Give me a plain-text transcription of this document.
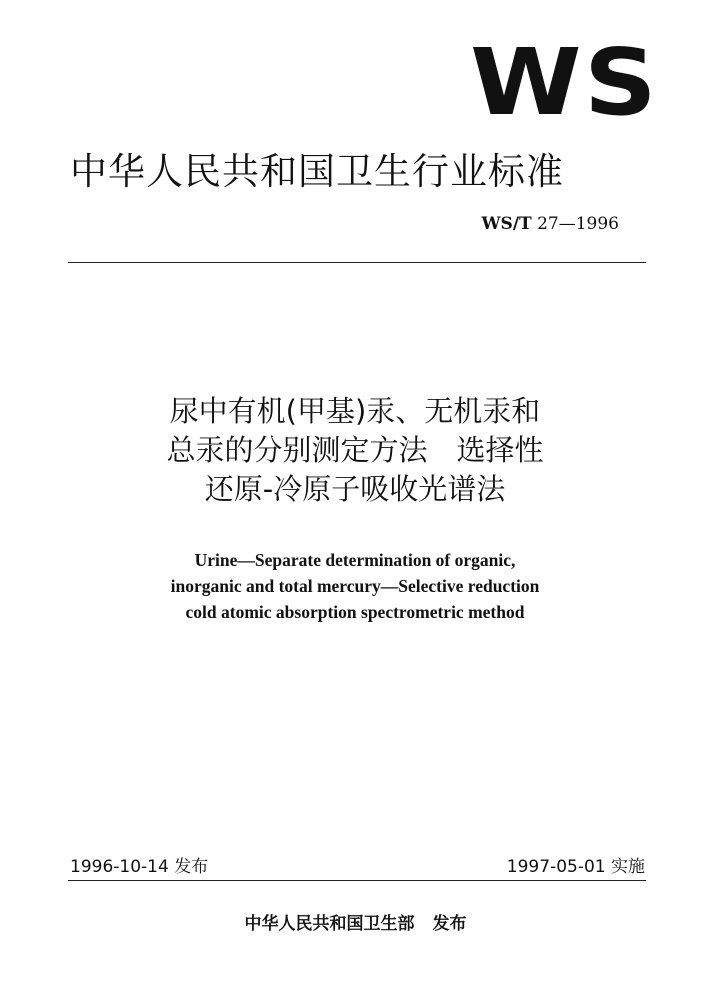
WS
中华人民共和国卫生行业标准
WS/T 27—1996
尿中有机(甲基)汞、无机汞和
总汞的分别测定方法　选择性
还原-冷原子吸收光谱法
Urine—Separate determination of organic,
inorganic and total mercury—Selective reduction
cold atomic absorption spectrometric method
1996-10-14 发布	1997-05-01 实施
中华人民共和国卫生部 发布
